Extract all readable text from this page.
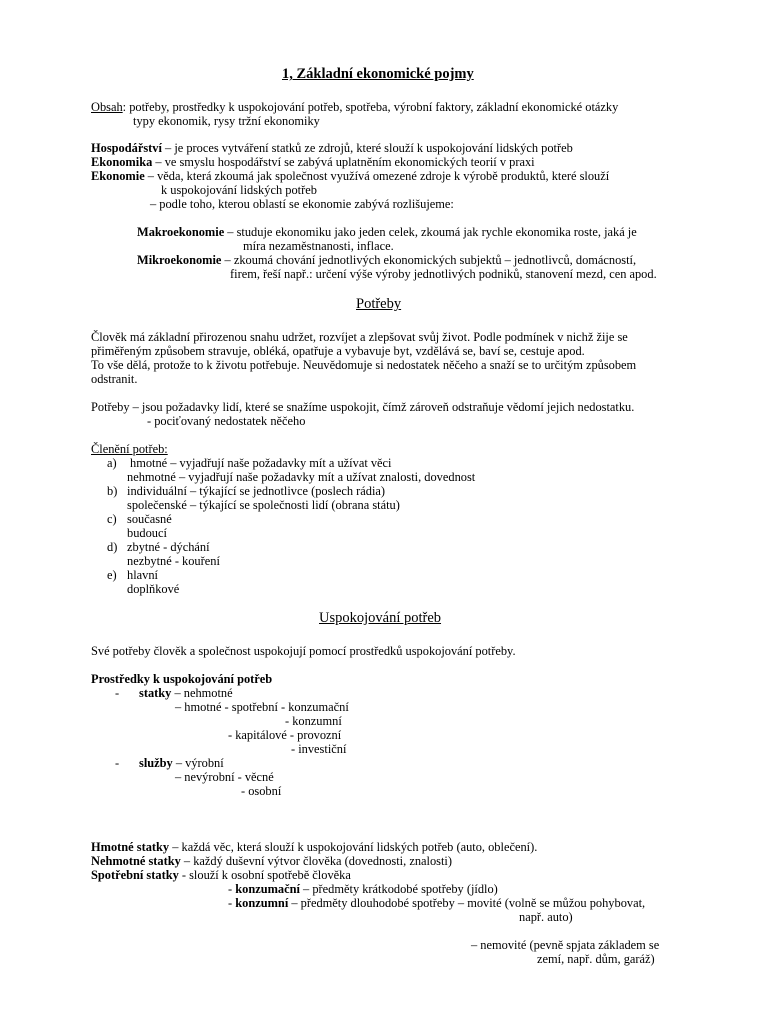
1, Základní ekonomické pojmy
Obsah: potřeby, prostředky k uspokojování potřeb, spotřeba, výrobní faktory, základní ekonomické otázky
typy ekonomik, rysy tržní ekonomiky
Hospodářství – je proces vytváření statků ze zdrojů, které slouží k uspokojování lidských potřeb
Ekonomika – ve smyslu hospodářství se zabývá uplatněním ekonomických teorií v praxi
Ekonomie – věda, která zkoumá jak společnost využívá omezené zdroje k výrobě produktů, které slouží
k uspokojování lidských potřeb
– podle toho, kterou oblastí se ekonomie zabývá rozlišujeme:
Makroekonomie – studuje ekonomiku jako jeden celek, zkoumá jak rychle ekonomika roste, jaká je
míra nezaměstnanosti, inflace.
Mikroekonomie – zkoumá chování jednotlivých ekonomických subjektů – jednotlivců, domácností,
firem, řeší např.: určení výše výroby jednotlivých podniků, stanovení mezd, cen apod.
Potřeby
Člověk má základní přirozenou snahu udržet, rozvíjet a zlepšovat svůj život. Podle podmínek v nichž žije se
přiměřeným způsobem stravuje, obléká, opatřuje a vybavuje byt, vzdělává se, baví se, cestuje apod.
To vše dělá, protože to k životu potřebuje. Neuvědomuje si nedostatek něčeho a snaží se to určitým způsobem
odstranit.
Potřeby – jsou požadavky lidí, které se snažíme uspokojit, čímž zároveň odstraňuje vědomí jejich nedostatku.
- pociťovaný nedostatek něčeho
Členění potřeb:
a) hmotné – vyjadřují naše požadavky mít a užívat věci
nehmotné – vyjadřují naše požadavky mít a užívat znalosti, dovednost
b) individuální – týkající se jednotlivce (poslech rádia)
společenské – týkající se společnosti lidí (obrana státu)
c) současné
budoucí
d) zbytné - dýchání
nezbytné - kouření
e) hlavní
doplňkové
Uspokojování potřeb
Své potřeby člověk a společnost uspokojují pomocí prostředků uspokojování potřeby.
Prostředky k uspokojování potřeb
- statky – nehmotné
– hmotné - spotřební - konzumační
- konzumní
- kapitálové - provozní
- investiční
- služby – výrobní
– nevýrobní - věcné
- osobní
Hmotné statky – každá věc, která slouží k uspokojování lidských potřeb (auto, oblečení).
Nehmotné statky – každý duševní výtvor člověka (dovednosti, znalosti)
Spotřební statky - slouží k osobní spotřebě člověka
- konzumační – předměty krátkodobé spotřeby (jídlo)
- konzumní – předměty dlouhodobé spotřeby – movité (volně se můžou pohybovat,
např. auto)
– nemovité (pevně spjata základem se
zemí, např. dům, garáž)
